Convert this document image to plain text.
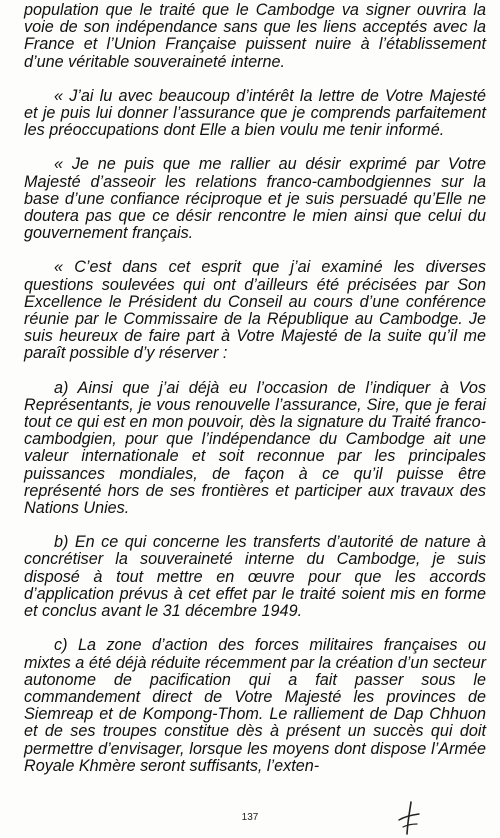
population que le traité que le Cambodge va signer ouvrira la voie de son indépendance sans que les liens acceptés avec la France et l’Union Française puissent nuire à l’établissement d’une véritable souveraineté interne.

« J’ai lu avec beaucoup d’intérêt la lettre de Votre Majesté et je puis lui donner l’assurance que je comprends parfaitement les préoccupations dont Elle a bien voulu me tenir informé.

« Je ne puis que me rallier au désir exprimé par Votre Majesté d’asseoir les relations franco-cambodgiennes sur la base d’une confiance réciproque et je suis persuadé qu’Elle ne doutera pas que ce désir rencontre le mien ainsi que celui du gouvernement français.

« C’est dans cet esprit que j’ai examiné les diverses questions soulevées qui ont d’ailleurs été précisées par Son Excellence le Président du Conseil au cours d’une conférence réunie par le Commissaire de la République au Cambodge. Je suis heureux de faire part à Votre Majesté de la suite qu’il me paraît possible d’y réserver :

a) Ainsi que j’ai déjà eu l’occasion de l’indiquer à Vos Représentants, je vous renouvelle l’assurance, Sire, que je ferai tout ce qui est en mon pouvoir, dès la signature du Traité franco-cambodgien, pour que l’indépendance du Cambodge ait une valeur internationale et soit reconnue par les principales puissances mondiales, de façon à ce qu’il puisse être représenté hors de ses frontières et participer aux travaux des Nations Unies.

b) En ce qui concerne les transferts d’autorité de nature à concrétiser la souveraineté interne du Cambodge, je suis disposé à tout mettre en œuvre pour que les accords d’application prévus à cet effet par le traité soient mis en forme et conclus avant le 31 décembre 1949.

c) La zone d’action des forces militaires françaises ou mixtes a été déjà réduite récemment par la création d’un secteur autonome de pacification qui a fait passer sous le commandement direct de Votre Majesté les provinces de Siemreap et de Kompong-Thom. Le ralliement de Dap Chhuon et de ses troupes constitue dès à présent un succès qui doit permettre d’envisager, lorsque les moyens dont dispose l’Armée Royale Khmère seront suffisants, l’exten-

137
